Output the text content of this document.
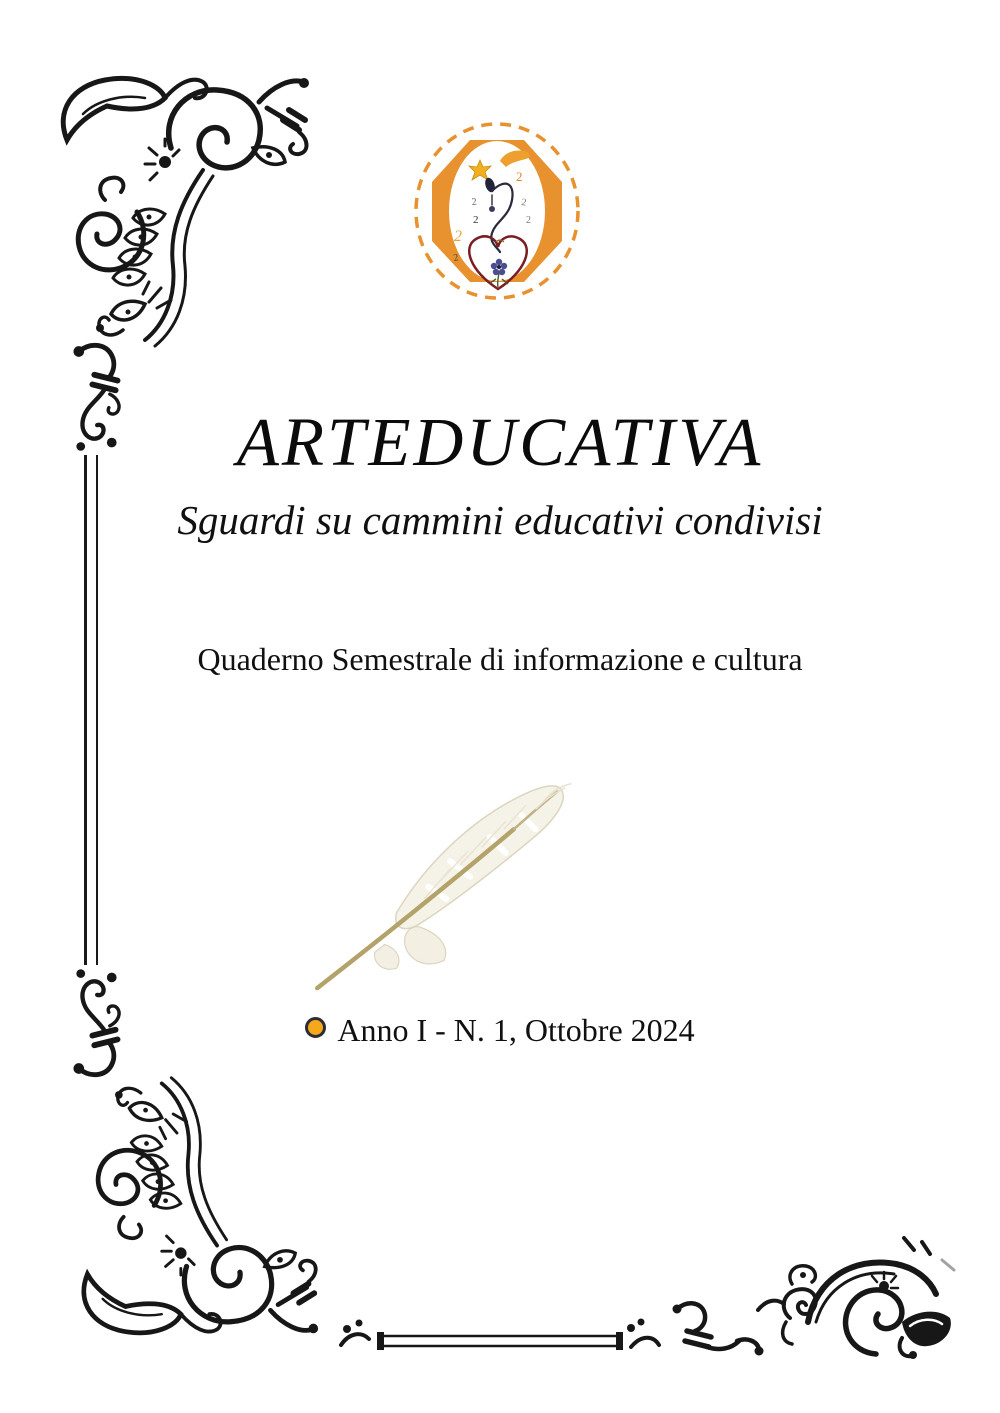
2
2
2
2
2
2
2
ARTEDUCATIVA
Sguardi su cammini educativi condivisi
Quaderno Semestrale di informazione e cultura
Anno I - N. 1, Ottobre 2024
